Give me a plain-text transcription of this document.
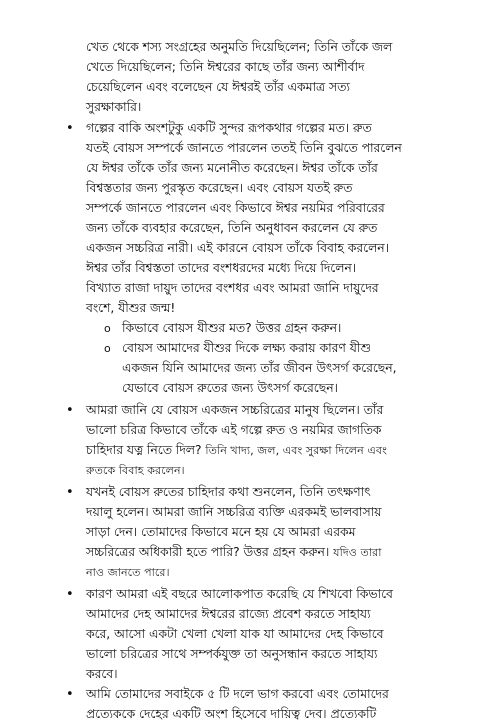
খেত থেকে শস্য সংগ্রহের অনুমতি দিয়েছিলেন; তিনি তাঁকে জল
খেতে দিয়েছিলেন; তিনি ঈশ্বরের কাছে তাঁর জন্য আশীর্বাদ
চেয়েছিলেন এবং বলেছেন যে ঈশ্বরই তাঁর একমাত্র সত্য
সুরক্ষাকারি।
• গল্পের বাকি অংশটুকু একটি সুন্দর রূপকথার গল্পের মত। রুত
যতই বোয়স সম্পর্কে জানতে পারলেন ততই তিনি বুঝতে পারলেন
যে ঈশ্বর তাঁকে তাঁর জন্য মনোনীত করেছেন। ঈশ্বর তাঁকে তাঁর
বিশ্বস্ততার জন্য পুরস্কৃত করেছেন। এবং বোয়স যতই রুত
সম্পর্কে জানতে পারলেন এবং কিভাবে ঈশ্বর নয়মির পরিবারের
জন্য তাঁকে ব্যবহার করেছেন, তিনি অনুধাবন করলেন যে রুত
একজন সচ্চরিত্র নারী। এই কারনে বোয়স তাঁকে বিবাহ করলেন।
ঈশ্বর তাঁর বিশ্বস্ততা তাদের বংশধরদের মধ্যে দিয়ে দিলেন।
বিখ্যাত রাজা দায়ুদ তাদের বংশধর এবং আমরা জানি দায়ুদের
বংশে, যীশুর জন্ম!
o কিভাবে বোয়স যীশুর মত? উত্তর গ্রহন করুন।
o বোয়স আমাদের যীশুর দিকে লক্ষ্য করায় কারণ যীশু
একজন যিনি আমাদের জন্য তাঁর জীবন উৎসর্গ করেছেন,
যেভাবে বোয়স রুতের জন্য উৎসর্গ করেছেন।
• আমরা জানি যে বোয়স একজন সচ্চরিত্রের মানুষ ছিলেন। তাঁর
ভালো চরিত্র কিভাবে তাঁকে এই গল্পে রুত ও নয়মির জাগতিক
চাহিদার যত্ন নিতে দিল? তিনি খাদ্য, জল, এবং সুরক্ষা দিলেন এবং
রুতকে বিবাহ করলেন।
• যখনই বোয়স রুতের চাহিদার কথা শুনলেন, তিনি তৎক্ষণাৎ
দয়ালু হলেন। আমরা জানি সচ্চরিত্র ব্যক্তি এরকমই ভালবাসায়
সাড়া দেন। তোমাদের কিভাবে মনে হয় যে আমরা এরকম
সচ্চরিত্রের অধিকারী হতে পারি? উত্তর গ্রহন করুন। যদিও তারা
নাও জানতে পারে।
• কারণ আমরা এই বছরে আলোকপাত করেছি যে শিখবো কিভাবে
আমাদের দেহ আমাদের ঈশ্বরের রাজ্যে প্রবেশ করতে সাহায্য
করে, আসো একটা খেলা খেলা যাক যা আমাদের দেহ কিভাবে
ভালো চরিত্রের সাথে সম্পর্কযুক্ত তা অনুসন্ধান করতে সাহায্য
করবে।
• আমি তোমাদের সবাইকে ৫ টি দলে ভাগ করবো এবং তোমাদের
প্রত্যেককে দেহের একটি অংশ হিসেবে দায়িত্ব দেব। প্রত্যেকটি
